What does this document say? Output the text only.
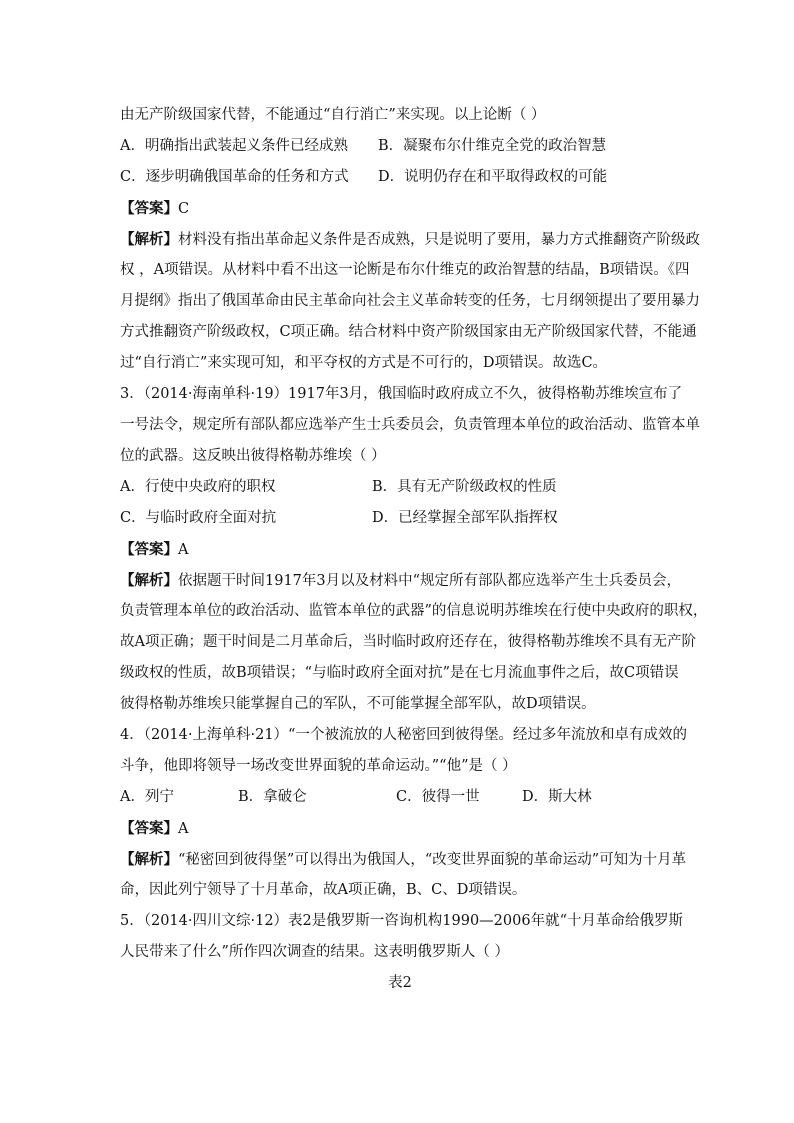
由无产阶级国家代替，不能通过“自行消亡”来实现。以上论断（ ）
A．明确指出武装起义条件已经成熟	B．凝聚布尔什维克全党的政治智慧
C．逐步明确俄国革命的任务和方式	D．说明仍存在和平取得政权的可能
【答案】C
【解析】材料没有指出革命起义条件是否成熟，只是说明了要用，暴力方式推翻资产阶级政
权 ，A项错误。从材料中看不出这一论断是布尔什维克的政治智慧的结晶，B项错误。《四
月提纲》指出了俄国革命由民主革命向社会主义革命转变的任务，七月纲领提出了要用暴力
方式推翻资产阶级政权，C项正确。结合材料中资产阶级国家由无产阶级国家代替，不能通
过“自行消亡”来实现可知，和平夺权的方式是不可行的，D项错误。故选C。
3．（2014·海南单科·19）1917年3月，俄国临时政府成立不久，彼得格勒苏维埃宣布了
一号法令，规定所有部队都应选举产生士兵委员会，负责管理本单位的政治活动、监管本单
位的武器。这反映出彼得格勒苏维埃（ ）
A．行使中央政府的职权	B．具有无产阶级政权的性质
C．与临时政府全面对抗	D．已经掌握全部军队指挥权
【答案】A
【解析】依据题干时间1917年3月以及材料中“规定所有部队都应选举产生士兵委员会，
负责管理本单位的政治活动、监管本单位的武器”的信息说明苏维埃在行使中央政府的职权，
故A项正确；题干时间是二月革命后，当时临时政府还存在，彼得格勒苏维埃不具有无产阶
级政权的性质，故B项错误；“与临时政府全面对抗”是在七月流血事件之后，故C项错误
彼得格勒苏维埃只能掌握自己的军队，不可能掌握全部军队，故D项错误。
4．（2014·上海单科·21）“一个被流放的人秘密回到彼得堡。经过多年流放和卓有成效的
斗争，他即将领导一场改变世界面貌的革命运动。”“他”是（ ）
A．列宁	B．拿破仑	C．彼得一世	D．斯大林
【答案】A
【解析】“秘密回到彼得堡”可以得出为俄国人，“改变世界面貌的革命运动”可知为十月革
命，因此列宁领导了十月革命，故A项正确，B、C、D项错误。
5．（2014·四川文综·12）表2是俄罗斯一咨询机构1990—2006年就“十月革命给俄罗斯
人民带来了什么”所作四次调查的结果。这表明俄罗斯人（ ）
表2
